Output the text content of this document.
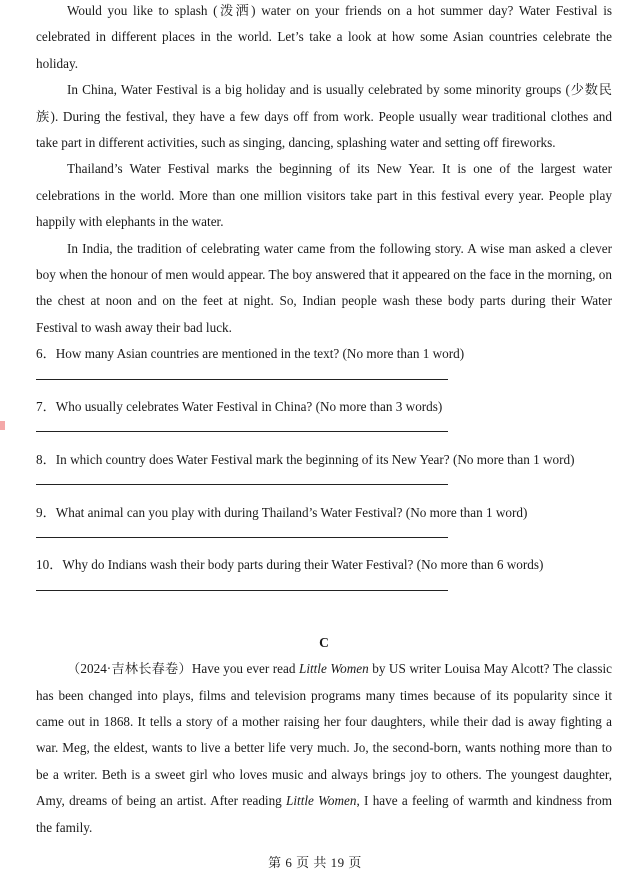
Would you like to splash (泼洒) water on your friends on a hot summer day? Water Festival is celebrated in different places in the world. Let’s take a look at how some Asian countries celebrate the holiday.

In China, Water Festival is a big holiday and is usually celebrated by some minority groups (少数民族). During the festival, they have a few days off from work. People usually wear traditional clothes and take part in different activities, such as singing, dancing, splashing water and setting off fireworks.

Thailand’s Water Festival marks the beginning of its New Year. It is one of the largest water celebrations in the world. More than one million visitors take part in this festival every year. People play happily with elephants in the water.

In India, the tradition of celebrating water came from the following story. A wise man asked a clever boy when the honour of men would appear. The boy answered that it appeared on the face in the morning, on the chest at noon and on the feet at night. So, Indian people wash these body parts during their Water Festival to wash away their bad luck.

6．How many Asian countries are mentioned in the text? (No more than 1 word)

7．Who usually celebrates Water Festival in China? (No more than 3 words)

8．In which country does Water Festival mark the beginning of its New Year? (No more than 1 word)

9．What animal can you play with during Thailand’s Water Festival? (No more than 1 word)

10．Why do Indians wash their body parts during their Water Festival? (No more than 6 words)

C

（2024·吉林长春卷）Have you ever read Little Women by US writer Louisa May Alcott? The classic has been changed into plays, films and television programs many times because of its popularity since it came out in 1868. It tells a story of a mother raising her four daughters, while their dad is away fighting a war. Meg, the eldest, wants to live a better life very much. Jo, the second-born, wants nothing more than to be a writer. Beth is a sweet girl who loves music and always brings joy to others. The youngest daughter, Amy, dreams of being an artist. After reading Little Women, I have a feeling of warmth and kindness from the family.

第 6 页 共 19 页
